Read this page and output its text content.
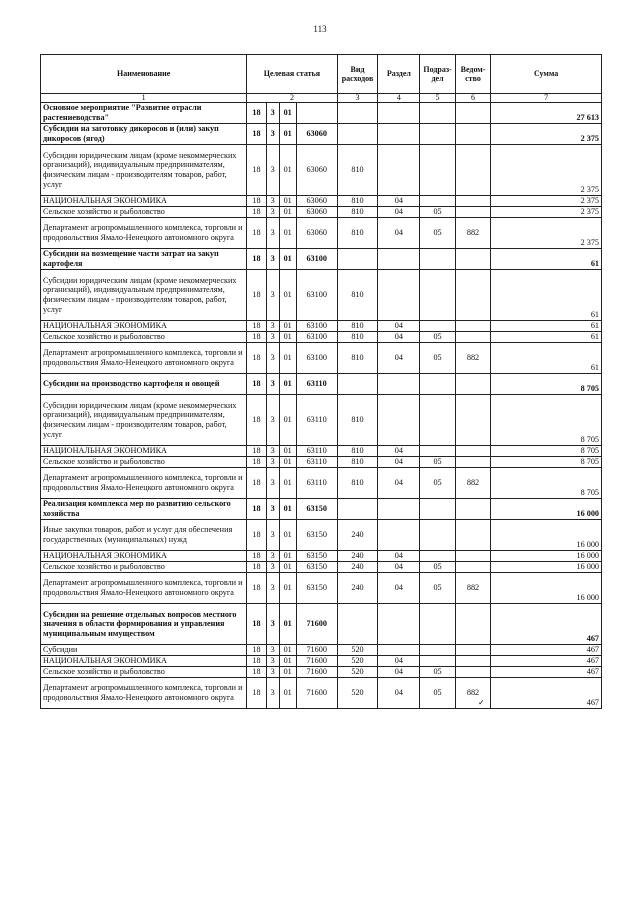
113
Наименование	Целевая статья				Вид расходов	Раздел	Подраз-дел	Ведом-ство	Сумма
1	2				3	4	5	6	7
Основное мероприятие "Развитие отрасли растениеводства"	18	3	01						27 613
Субсидии на заготовку дикоросов и (или) закуп дикоросов (ягод)	18	3	01	63060					2 375
Субсидии юридическим лицам (кроме некоммерческих организаций), индивидуальным предпринимателям, физическим лицам - производителям товаров, работ, услуг	18	3	01	63060	810				2 375
НАЦИОНАЛЬНАЯ ЭКОНОМИКА	18	3	01	63060	810	04			2 375
Сельское хозяйство и рыболовство	18	3	01	63060	810	04	05		2 375
Департамент агропромышленного комплекса, торговли и продовольствия Ямало-Ненецкого автономного округа	18	3	01	63060	810	04	05	882	2 375
Субсидии на возмещение части затрат на закуп картофеля	18	3	01	63100					61
Субсидии юридическим лицам (кроме некоммерческих организаций), индивидуальным предпринимателям, физическим лицам - производителям товаров, работ, услуг	18	3	01	63100	810				61
НАЦИОНАЛЬНАЯ ЭКОНОМИКА	18	3	01	63100	810	04			61
Сельское хозяйство и рыболовство	18	3	01	63100	810	04	05		61
Департамент агропромышленного комплекса, торговли и продовольствия Ямало-Ненецкого автономного округа	18	3	01	63100	810	04	05	882	61
Субсидии на производство картофеля и овощей	18	3	01	63110					8 705
Субсидии юридическим лицам (кроме некоммерческих организаций), индивидуальным предпринимателям, физическим лицам - производителям товаров, работ, услуг	18	3	01	63110	810				8 705
НАЦИОНАЛЬНАЯ ЭКОНОМИКА	18	3	01	63110	810	04			8 705
Сельское хозяйство и рыболовство	18	3	01	63110	810	04	05		8 705
Департамент агропромышленного комплекса, торговли и продовольствия Ямало-Ненецкого автономного округа	18	3	01	63110	810	04	05	882	8 705
Реализация комплекса мер по развитию сельского хозяйства	18	3	01	63150					16 000
Иные закупки товаров, работ и услуг для обеспечения государственных (муниципальных) нужд	18	3	01	63150	240				16 000
НАЦИОНАЛЬНАЯ ЭКОНОМИКА	18	3	01	63150	240	04			16 000
Сельское хозяйство и рыболовство	18	3	01	63150	240	04	05		16 000
Департамент агропромышленного комплекса, торговли и продовольствия Ямало-Ненецкого автономного округа	18	3	01	63150	240	04	05	882	16 000
Субсидии на решение отдельных вопросов местного значения в области формирования и управления муниципальным имуществом	18	3	01	71600					467
Субсидии	18	3	01	71600	520				467
НАЦИОНАЛЬНАЯ ЭКОНОМИКА	18	3	01	71600	520	04			467
Сельское хозяйство и рыболовство	18	3	01	71600	520	04	05		467
Департамент агропромышленного комплекса, торговли и продовольствия Ямало-Ненецкого автономного округа	18	3	01	71600	520	04	05	882	467
✓
